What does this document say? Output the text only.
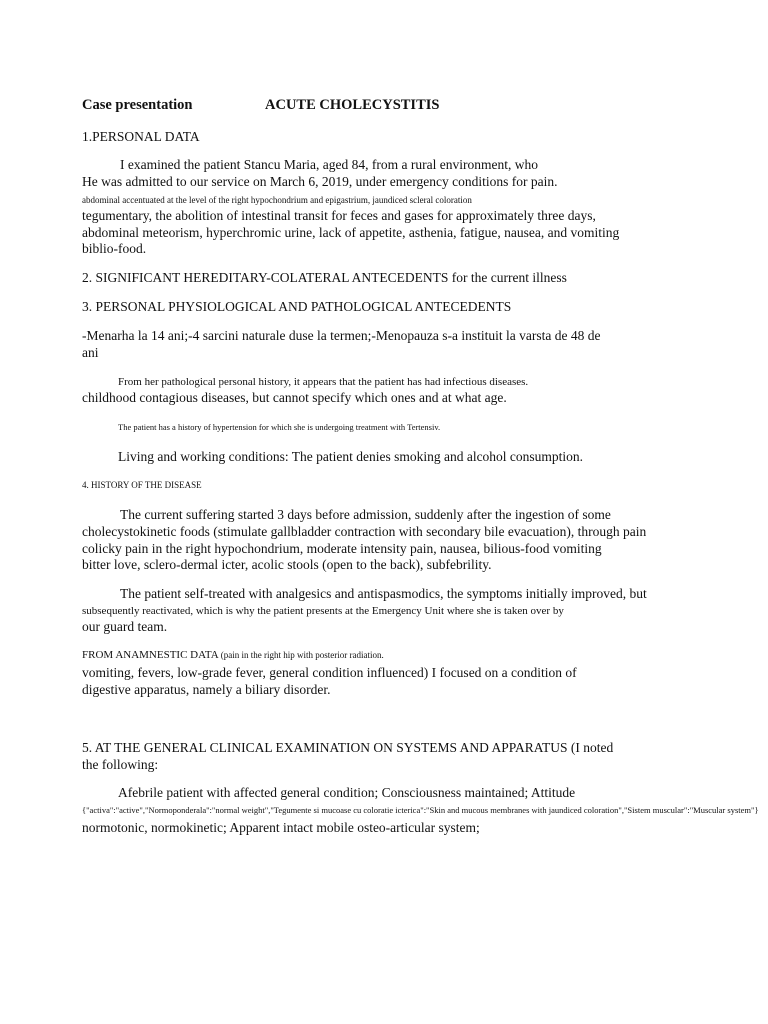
Case presentation	ACUTE CHOLECYSTITIS
1.PERSONAL DATA
I examined the patient Stancu Maria, aged 84, from a rural environment, who
He was admitted to our service on March 6, 2019, under emergency conditions for pain.
abdominal accentuated at the level of the right hypochondrium and epigastrium, jaundiced scleral coloration
tegumentary, the abolition of intestinal transit for feces and gases for approximately three days,
abdominal meteorism, hyperchromic urine, lack of appetite, asthenia, fatigue, nausea, and vomiting
biblio-food.
2. SIGNIFICANT HEREDITARY-COLATERAL ANTECEDENTS for the current illness
3. PERSONAL PHYSIOLOGICAL AND PATHOLOGICAL ANTECEDENTS
-Menarha la 14 ani;-4 sarcini naturale duse la termen;-Menopauza s-a instituit la varsta de 48 de
ani
From her pathological personal history, it appears that the patient has had infectious diseases.
childhood contagious diseases, but cannot specify which ones and at what age.
The patient has a history of hypertension for which she is undergoing treatment with Tertensiv.
Living and working conditions: The patient denies smoking and alcohol consumption.
4. HISTORY OF THE DISEASE
The current suffering started 3 days before admission, suddenly after the ingestion of some
cholecystokinetic foods (stimulate gallbladder contraction with secondary bile evacuation), through pain
colicky pain in the right hypochondrium, moderate intensity pain, nausea, bilious-food vomiting
bitter love, sclero-dermal icter, acolic stools (open to the back), subfebrility.
The patient self-treated with analgesics and antispasmodics, the symptoms initially improved, but
subsequently reactivated, which is why the patient presents at the Emergency Unit where she is taken over by
our guard team.
FROM ANAMNESTIC DATA (pain in the right hip with posterior radiation.
vomiting, fevers, low-grade fever, general condition influenced) I focused on a condition of
digestive apparatus, namely a biliary disorder.
5. AT THE GENERAL CLINICAL EXAMINATION ON SYSTEMS AND APPARATUS (I noted
the following:
Afebrile patient with affected general condition; Consciousness maintained; Attitude
{"activa":"active","Normoponderala":"normal weight","Tegumente si mucoase cu coloratie icterica":"Skin and mucous membranes with jaundiced coloration","Sistem muscular":"Muscular system"}
normotonic, normokinetic; Apparent intact mobile osteo-articular system;
